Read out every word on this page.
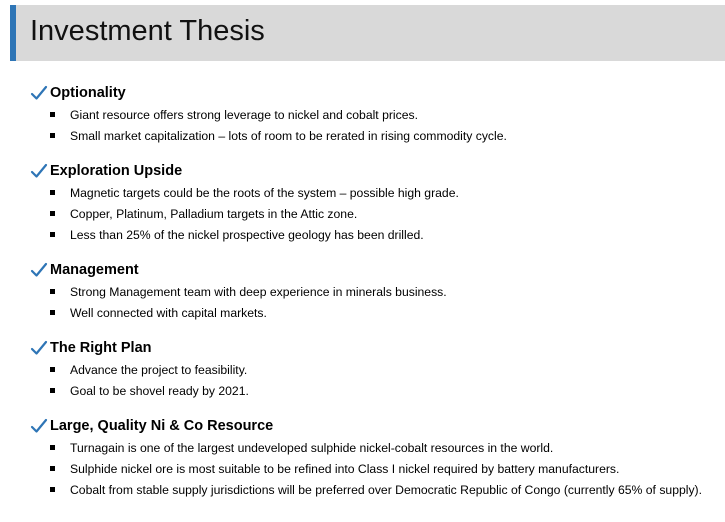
Investment Thesis
Optionality
Giant resource offers strong leverage to nickel and cobalt prices.
Small market capitalization – lots of room to be rerated in rising commodity cycle.
Exploration Upside
Magnetic targets could be the roots of the system – possible high grade.
Copper, Platinum, Palladium targets in the Attic zone.
Less than 25% of the nickel prospective geology has been drilled.
Management
Strong Management team with deep experience in minerals business.
Well connected with capital markets.
The Right Plan
Advance the project to feasibility.
Goal to be shovel ready by 2021.
Large, Quality Ni & Co Resource
Turnagain is one of the largest undeveloped sulphide nickel-cobalt resources in the world.
Sulphide nickel ore is most suitable to be refined into Class I nickel required by battery manufacturers.
Cobalt from stable supply jurisdictions will be preferred over Democratic Republic of Congo (currently 65% of supply).
